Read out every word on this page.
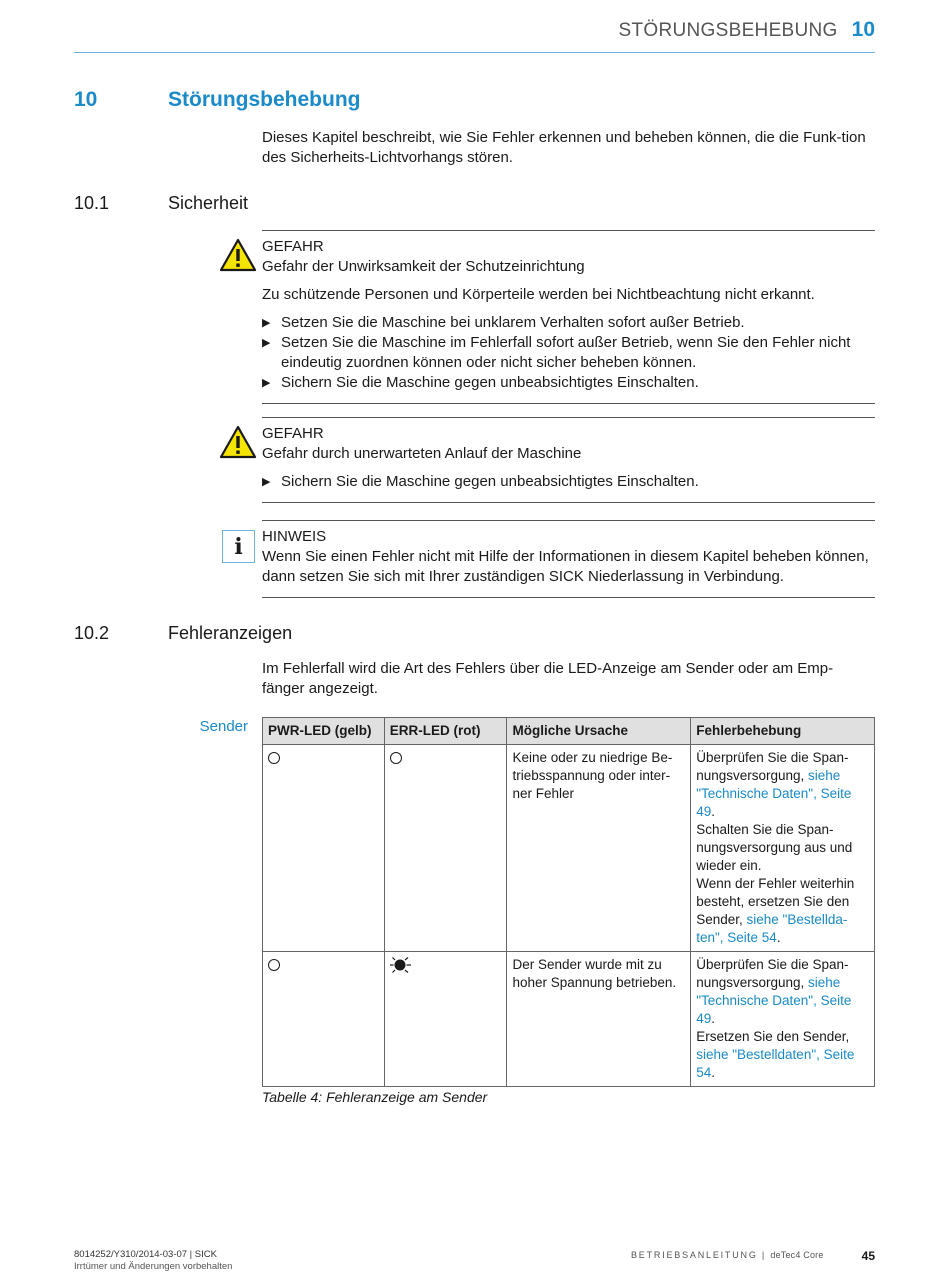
STÖRUNGSBEHEBUNG 10
10	Störungsbehebung
Dieses Kapitel beschreibt, wie Sie Fehler erkennen und beheben können, die die Funk-tion des Sicherheits-Lichtvorhangs stören.
10.1	Sicherheit
GEFAHR
Gefahr der Unwirksamkeit der Schutzeinrichtung
Zu schützende Personen und Körperteile werden bei Nichtbeachtung nicht erkannt.
▶ Setzen Sie die Maschine bei unklarem Verhalten sofort außer Betrieb.
▶ Setzen Sie die Maschine im Fehlerfall sofort außer Betrieb, wenn Sie den Fehler nicht eindeutig zuordnen können oder nicht sicher beheben können.
▶ Sichern Sie die Maschine gegen unbeabsichtigtes Einschalten.
GEFAHR
Gefahr durch unerwarteten Anlauf der Maschine
▶ Sichern Sie die Maschine gegen unbeabsichtigtes Einschalten.
i	HINWEIS
Wenn Sie einen Fehler nicht mit Hilfe der Informationen in diesem Kapitel beheben können, dann setzen Sie sich mit Ihrer zuständigen SICK Niederlassung in Verbindung.
10.2	Fehleranzeigen
Im Fehlerfall wird die Art des Fehlers über die LED-Anzeige am Sender oder am Emp-fänger angezeigt.
Sender PWR-LED (gelb)	ERR-LED (rot)	Mögliche Ursache	Fehlerbehebung
		Keine oder zu niedrige Be-triebsspannung oder inter-ner Fehler	Überprüfen Sie die Span-nungsversorgung, siehe "Technische Daten", Seite 49.
Schalten Sie die Span-nungsversorgung aus und wieder ein.
Wenn der Fehler weiterhin besteht, ersetzen Sie den Sender, siehe "Bestellda-ten", Seite 54.
		Der Sender wurde mit zu hoher Spannung betrieben.	Überprüfen Sie die Span-nungsversorgung, siehe "Technische Daten", Seite 49.
Ersetzen Sie den Sender, siehe "Bestelldaten", Seite 54.
Tabelle 4: Fehleranzeige am Sender
8014252/Y310/2014-03-07 | SICK
Irrtümer und Änderungen vorbehalten
BETRIEBSANLEITUNG | deTec4 Core	45
